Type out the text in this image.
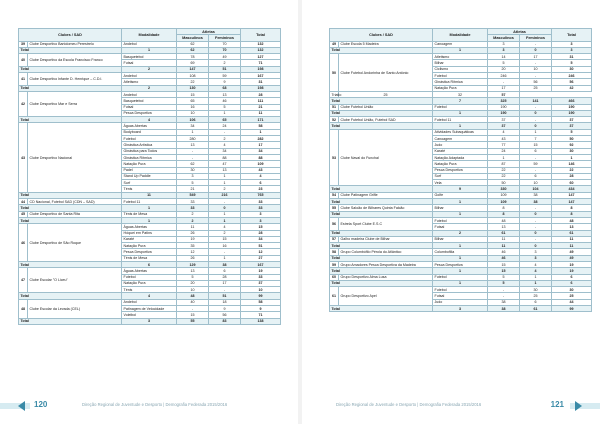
Clubes / SAD		Modalidade	Atletas		Total
			Masculinos	Femininos	
39	Clube Desportivo Bartolomeu Perestrelo	Andebol	62	70	132
Total		1	62	70	132
40	Clube Desportivo da Escola Francisco Franco	Basquetebol	78	49	127
		Futsal	69	2	71
Total		2	147	51	198
41	Clube Desportivo Infante D. Henrique – C.D.I.	Andebol	108	59	167
		Atletismo	22	9	31
Total		2	130	68	198
42	Clube Desportivo Mar e Serra	Andebol	15	13	28
		Basquetebol	65	46	111
		Futsal	16	5	21
		Pesca Desportiva	10	1	11
Total		4	106	65	171
43	Clube Desportivo Nacional	Águas Abertas	34	24	58
		Bodyboard	1	-	1
		Futebol	280	2	282
		Ginástica Artística	13	4	17
		Ginástica para Todos	-	34	34
		Ginástica Rítmica	-	88	88
		Natação Pura	62	47	109
		Padel	30	13	43
		Stand Up Paddle	3	1	4
		Surf	5	1	6
		Ténis	21	2	23
Total		11	549	216	765
44	CD Nacional, Futebol SAD (CDN – SAD)	Futebol 11	33	-	33
Total		1	33	0	33
45	Clube Desportivo de Santa Rita	Ténis de Mesa	2	1	3
Total		1	2	1	3
46	Clube Desportivo de São Roque	Águas Abertas	11	4	15
		Hóquei em Patins	26	2	28
		Karaté	19	15	34
		Natação Pura	35	16	51
		Pesca Desportiva	12	-	12
		Ténis de Mesa	26	1	27
Total		6	129	38	167
47	Clube Escolar "O Liceu"	Águas Abertas	13	6	19
		Futebol	5	28	33
		Natação Pura	20	17	37
		Ténis	10	-	10
Total		4	48	51	99
48	Clube Escolar da Levada (CEL)	Andebol	40	18	58
		Patinagem de Velocidade	-	9	9
		Voleibol	15	56	71
Total		3	55	83	138
120	Direção Regional de Juventude e Desporto | Demografia Federada 2015/2016
Clubes / SAD		Modalidade	Atletas		Total
			Masculinos	Femininos	
49	Clube Escola 5 Madeira	Canoagem	3	-	3
Total		1	3	0	3
50	Clube Futebol Andorinha de Santo António	Atletismo	14	17	31
		Bilhar	5	-	5
		Ciclismo	20	10	30
		Futebol	246	-	246
		Ginástica Rítmica	-	56	56
		Natação Pura	17	25	42
Triatlo	25	32	57		
Total		7	325	141	466
51	Clube Futebol União	Futebol	190	-	190
Total		1	190	0	190
52	Clube Futebol União, Futebol SAD	Futebol 11	37	-	37
Total		1	37	0	37
53	Clube Naval do Funchal	Atividades Subaquáticas	4	1	5
		Canoagem	43	7	50
		Judo	77	15	92
		Karaté	24	6	30
		Natação Adaptada	1	-	1
		Natação Pura	87	59	146
		Pesca Desportiva	22	-	22
		Surf	22	6	28
		Vela	50	10	60
Total		9	330	104	434
54	Clube Patinagem Grifle	Golfe	109	38	147
Total		1	109	38	147
55	Clube Saloão de Bilhares Quinta Falcão	Bilhar	8	-	8
Total		1	8	0	8
56	Estrela Sport Clube E.S.C	Futebol	48	-	48
		Futsal	13	-	13
Total		2	61	0	61
57	Galho madeira Clube de Bilhar	Bilhar	11	-	11
Total		1	11	0	11
58	Grupo Columbófilo Pérola do Atlântico	Columbofilia	46	3	49
Total		1	46	3	49
59	Grupo Amadores Pesca Desportiva da Madeira	Pesca Desportiva	15	4	19
Total		1	15	4	19
60	Grupo Desportivo Alma Lusa	Futebol	5	1	6
Total		1	5	1	6
61	Grupo Desportivo Apel	Futebol	-	30	30
		Futsal	-	25	25
		Judo	38	6	44
Total		3	38	61	99
Direção Regional de Juventude e Desporto | Demografia Federada 2015/2016	121
